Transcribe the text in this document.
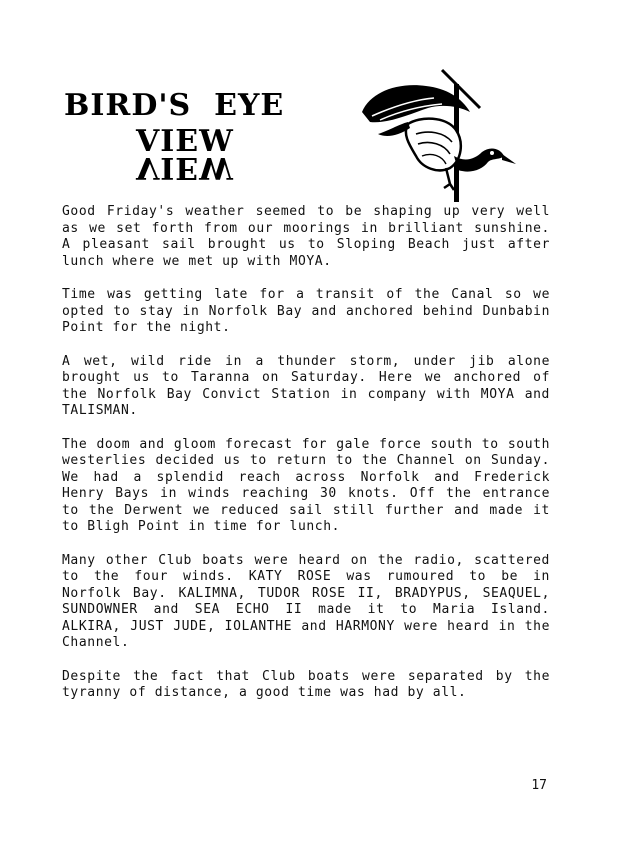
BIRD'S  EYE
VIEW
VIEW

Good Friday's weather seemed to be shaping up very well as we set forth from our moorings in brilliant sunshine. A pleasant sail brought us to Sloping Beach just after lunch where we met up with MOYA.

Time was getting late for a transit of the Canal so we opted to stay in Norfolk Bay and anchored behind Dunbabin Point for the night.

A wet, wild ride in a thunder storm, under jib alone brought us to Taranna on Saturday. Here we anchored of the Norfolk Bay Convict Station in company with MOYA and TALISMAN.

The doom and gloom forecast for gale force south to south westerlies decided us to return to the Channel on Sunday. We had a splendid reach across Norfolk and Frederick Henry Bays in winds reaching 30 knots. Off the entrance to the Derwent we reduced sail still further and made it to Bligh Point in time for lunch.

Many other Club boats were heard on the radio, scattered to the four winds. KATY ROSE was rumoured to be in Norfolk Bay. KALIMNA, TUDOR ROSE II, BRADYPUS, SEAQUEL, SUNDOWNER and SEA ECHO II made it to Maria Island. ALKIRA, JUST JUDE, IOLANTHE and HARMONY were heard in the Channel.

Despite the fact that Club boats were separated by the tyranny of distance, a good time was had by all.

17
